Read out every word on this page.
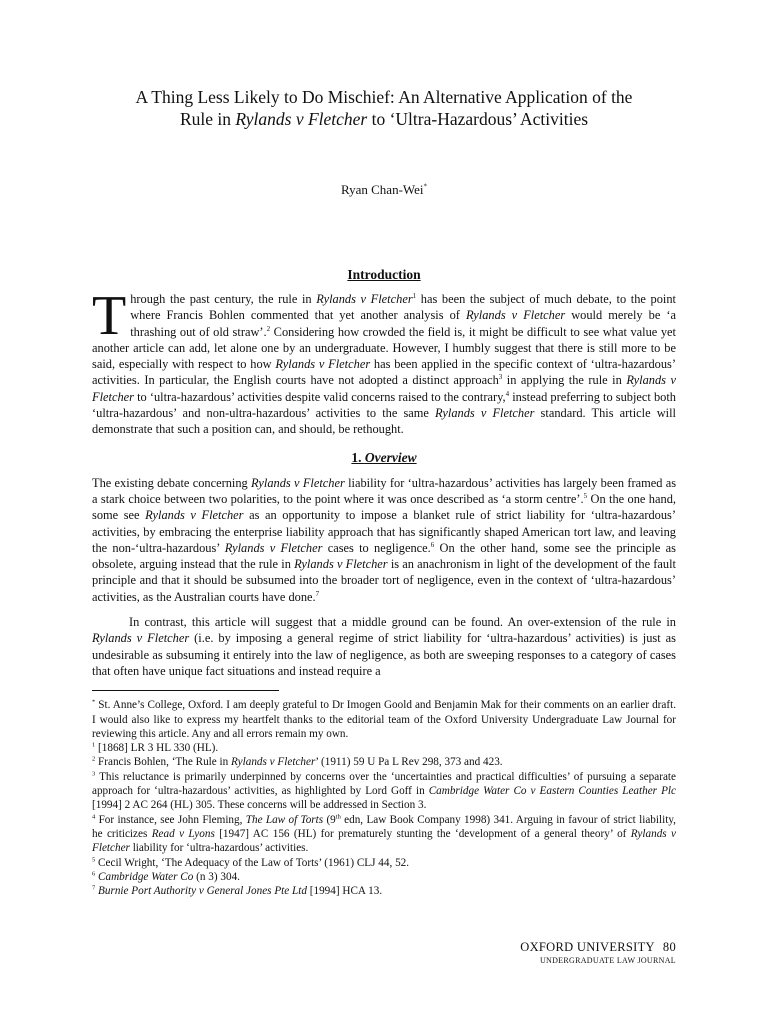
A Thing Less Likely to Do Mischief: An Alternative Application of the
Rule in Rylands v Fletcher to ‘Ultra-Hazardous’ Activities
Ryan Chan-Wei*
Introduction

Through the past century, the rule in Rylands v Fletcher$^1$ has been the subject of much debate, to the point where Francis Bohlen commented that yet another analysis of Rylands v Fletcher would merely be ‘a thrashing out of old straw’.$^2$ Considering how crowded the field is, it might be difficult to see what value yet another article can add, let alone one by an undergraduate. However, I humbly suggest that there is still more to be said, especially with respect to how Rylands v Fletcher has been applied in the specific context of ‘ultra-hazardous’ activities. In particular, the English courts have not adopted a distinct approach$^3$ in applying the rule in Rylands v Fletcher to ‘ultra-hazardous’ activities despite valid concerns raised to the contrary,$^4$ instead preferring to subject both ‘ultra-hazardous’ and non-ultra-hazardous’ activities to the same Rylands v Fletcher standard. This article will demonstrate that such a position can, and should, be rethought.

1. Overview

The existing debate concerning Rylands v Fletcher liability for ‘ultra-hazardous’ activities has largely been framed as a stark choice between two polarities, to the point where it was once described as ‘a storm centre’.$^5$ On the one hand, some see Rylands v Fletcher as an opportunity to impose a blanket rule of strict liability for ‘ultra-hazardous’ activities, by embracing the enterprise liability approach that has significantly shaped American tort law, and leaving the non-‘ultra-hazardous’ Rylands v Fletcher cases to negligence.$^6$ On the other hand, some see the principle as obsolete, arguing instead that the rule in Rylands v Fletcher is an anachronism in light of the development of the fault principle and that it should be subsumed into the broader tort of negligence, even in the context of ‘ultra-hazardous’ activities, as the Australian courts have done.$^7$

In contrast, this article will suggest that a middle ground can be found. An over-extension of the rule in Rylands v Fletcher (i.e. by imposing a general regime of strict liability for ‘ultra-hazardous’ activities) is just as undesirable as subsuming it entirely into the law of negligence, as both are sweeping responses to a category of cases that often have unique fact situations and instead require a

* St. Anne’s College, Oxford. I am deeply grateful to Dr Imogen Goold and Benjamin Mak for their comments on an earlier draft. I would also like to express my heartfelt thanks to the editorial team of the Oxford University Undergraduate Law Journal for reviewing this article. Any and all errors remain my own.

$^1$ [1868] LR 3 HL 330 (HL).

$^2$ Francis Bohlen, ‘The Rule in Rylands v Fletcher’ (1911) 59 U Pa L Rev 298, 373 and 423.

$^3$ This reluctance is primarily underpinned by concerns over the ‘uncertainties and practical difficulties’ of pursuing a separate approach for ‘ultra-hazardous’ activities, as highlighted by Lord Goff in Cambridge Water Co v Eastern Counties Leather Plc [1994] 2 AC 264 (HL) 305. These concerns will be addressed in Section 3.

$^4$ For instance, see John Fleming, The Law of Torts (9th edn, Law Book Company 1998) 341. Arguing in favour of strict liability, he criticizes Read v Lyons [1947] AC 156 (HL) for prematurely stunting the ‘development of a general theory’ of Rylands v Fletcher liability for ‘ultra-hazardous’ activities.

$^5$ Cecil Wright, ‘The Adequacy of the Law of Torts’ (1961) CLJ 44, 52.

$^6$ Cambridge Water Co (n 3) 304.

$^7$ Burnie Port Authority v General Jones Pte Ltd [1994] HCA 13.

OXFORD UNIVERSITY 80
UNDERGRADUATE LAW JOURNAL
